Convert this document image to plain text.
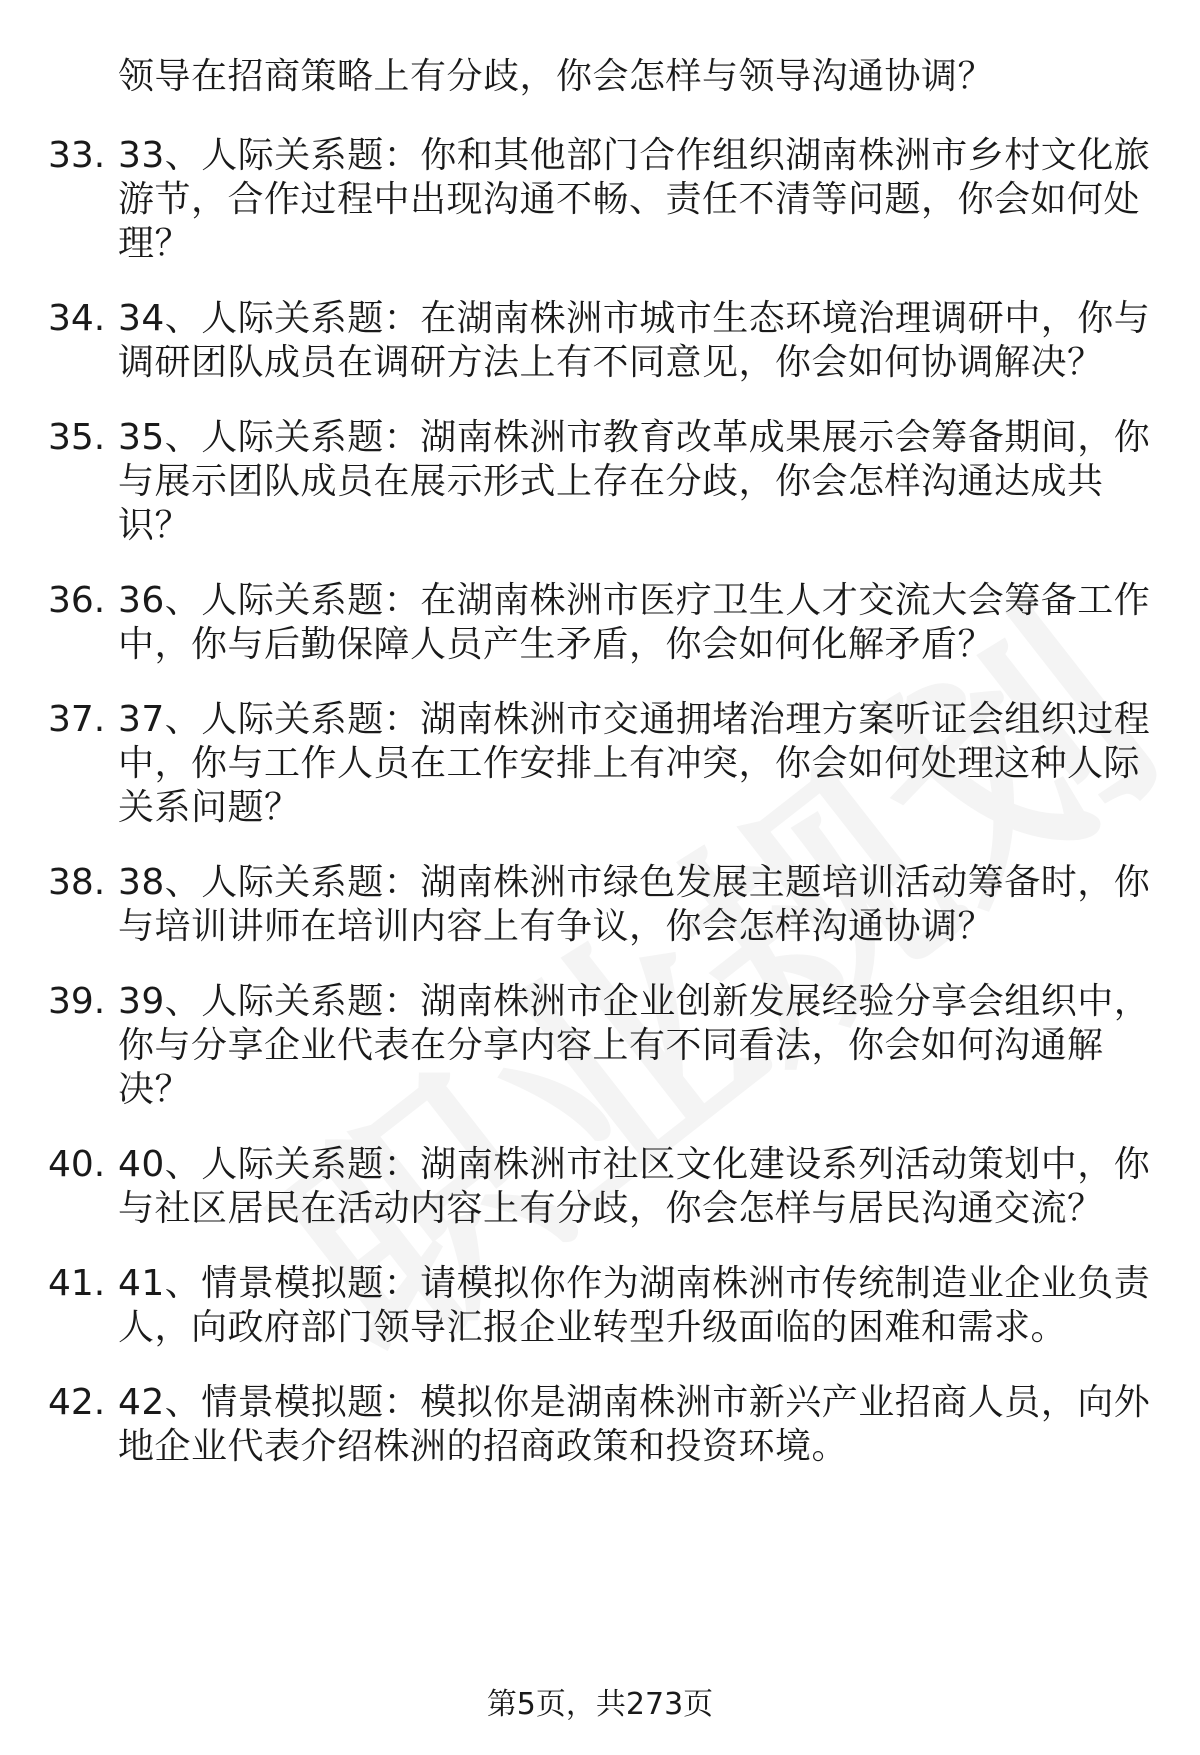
领导在招商策略上有分歧，你会怎样与领导沟通协调？
33. 33、人际关系题：你和其他部门合作组织湖南株洲市乡村文化旅
游节，合作过程中出现沟通不畅、责任不清等问题，你会如何处
理？
34. 34、人际关系题：在湖南株洲市城市生态环境治理调研中，你与
调研团队成员在调研方法上有不同意见，你会如何协调解决？
35. 35、人际关系题：湖南株洲市教育改革成果展示会筹备期间，你
与展示团队成员在展示形式上存在分歧，你会怎样沟通达成共
识？
36. 36、人际关系题：在湖南株洲市医疗卫生人才交流大会筹备工作
中，你与后勤保障人员产生矛盾，你会如何化解矛盾？
37. 37、人际关系题：湖南株洲市交通拥堵治理方案听证会组织过程
中，你与工作人员在工作安排上有冲突，你会如何处理这种人际
关系问题？
38. 38、人际关系题：湖南株洲市绿色发展主题培训活动筹备时，你
与培训讲师在培训内容上有争议，你会怎样沟通协调？
39. 39、人际关系题：湖南株洲市企业创新发展经验分享会组织中，
你与分享企业代表在分享内容上有不同看法，你会如何沟通解
决？
40. 40、人际关系题：湖南株洲市社区文化建设系列活动策划中，你
与社区居民在活动内容上有分歧，你会怎样与居民沟通交流？
41. 41、情景模拟题：请模拟你作为湖南株洲市传统制造业企业负责
人，向政府部门领导汇报企业转型升级面临的困难和需求。
42. 42、情景模拟题：模拟你是湖南株洲市新兴产业招商人员，向外
地企业代表介绍株洲的招商政策和投资环境。
第5页，共273页
